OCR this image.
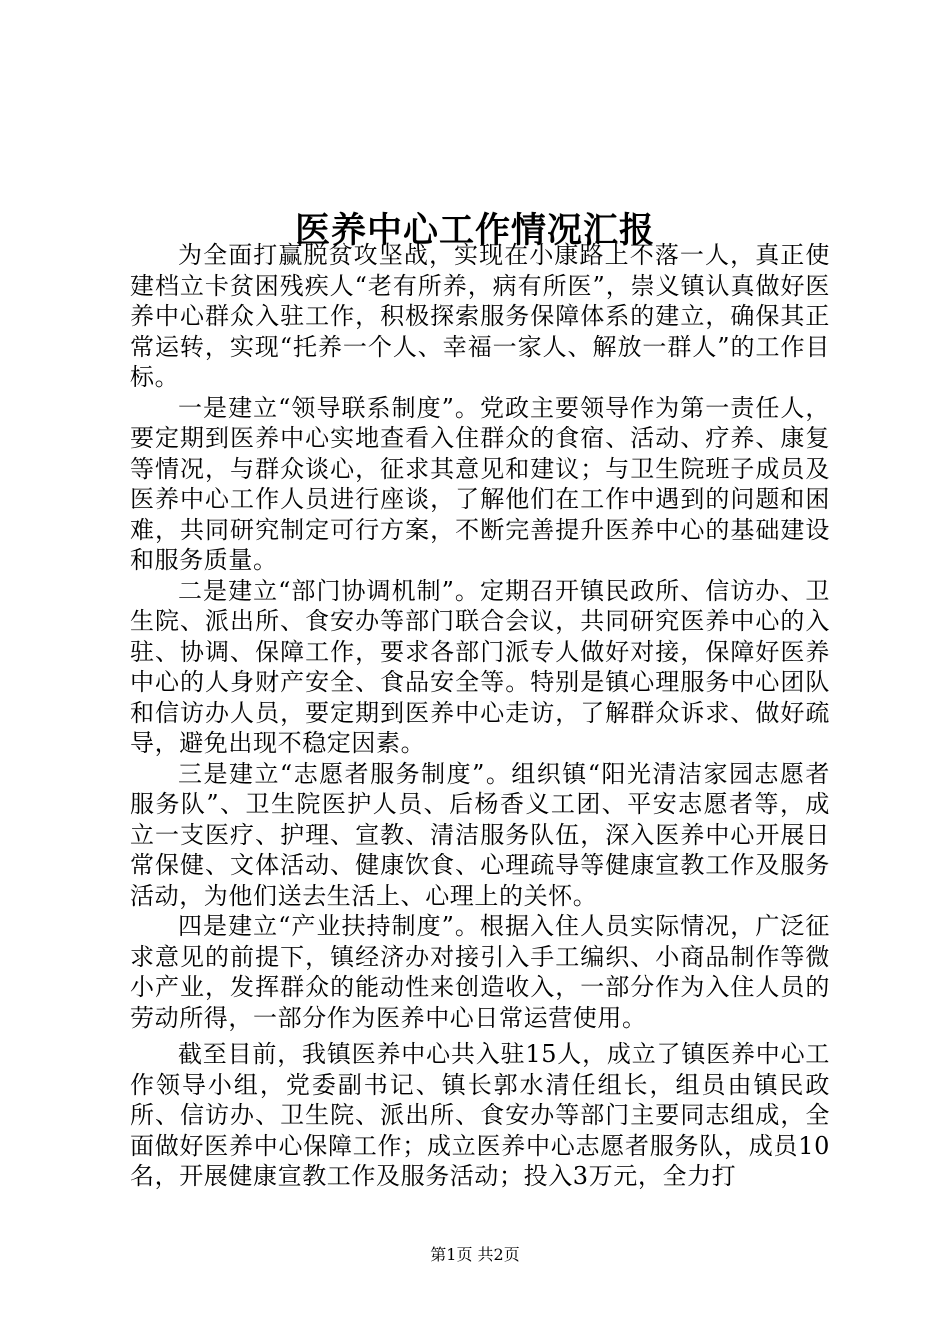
医养中心工作情况汇报

为全面打赢脱贫攻坚战，实现在小康路上不落一人，真正使建档立卡贫困残疾人“老有所养，病有所医”，崇义镇认真做好医养中心群众入驻工作，积极探索服务保障体系的建立，确保其正常运转，实现“托养一个人、幸福一家人、解放一群人”的工作目标。

一是建立“领导联系制度”。党政主要领导作为第一责任人，要定期到医养中心实地查看入住群众的食宿、活动、疗养、康复等情况，与群众谈心，征求其意见和建议；与卫生院班子成员及医养中心工作人员进行座谈，了解他们在工作中遇到的问题和困难，共同研究制定可行方案，不断完善提升医养中心的基础建设和服务质量。

二是建立“部门协调机制”。定期召开镇民政所、信访办、卫生院、派出所、食安办等部门联合会议，共同研究医养中心的入驻、协调、保障工作，要求各部门派专人做好对接，保障好医养中心的人身财产安全、食品安全等。特别是镇心理服务中心团队和信访办人员，要定期到医养中心走访，了解群众诉求、做好疏导，避免出现不稳定因素。

三是建立“志愿者服务制度”。组织镇“阳光清洁家园志愿者服务队”、卫生院医护人员、后杨香义工团、平安志愿者等，成立一支医疗、护理、宣教、清洁服务队伍，深入医养中心开展日常保健、文体活动、健康饮食、心理疏导等健康宣教工作及服务活动，为他们送去生活上、心理上的关怀。

四是建立“产业扶持制度”。根据入住人员实际情况，广泛征求意见的前提下，镇经济办对接引入手工编织、小商品制作等微小产业，发挥群众的能动性来创造收入，一部分作为入住人员的劳动所得，一部分作为医养中心日常运营使用。

截至目前，我镇医养中心共入驻15人，成立了镇医养中心工作领导小组，党委副书记、镇长郭水清任组长，组员由镇民政所、信访办、卫生院、派出所、食安办等部门主要同志组成，全面做好医养中心保障工作；成立医养中心志愿者服务队，成员10名，开展健康宣教工作及服务活动；投入3万元，全力打

第1页 共2页
